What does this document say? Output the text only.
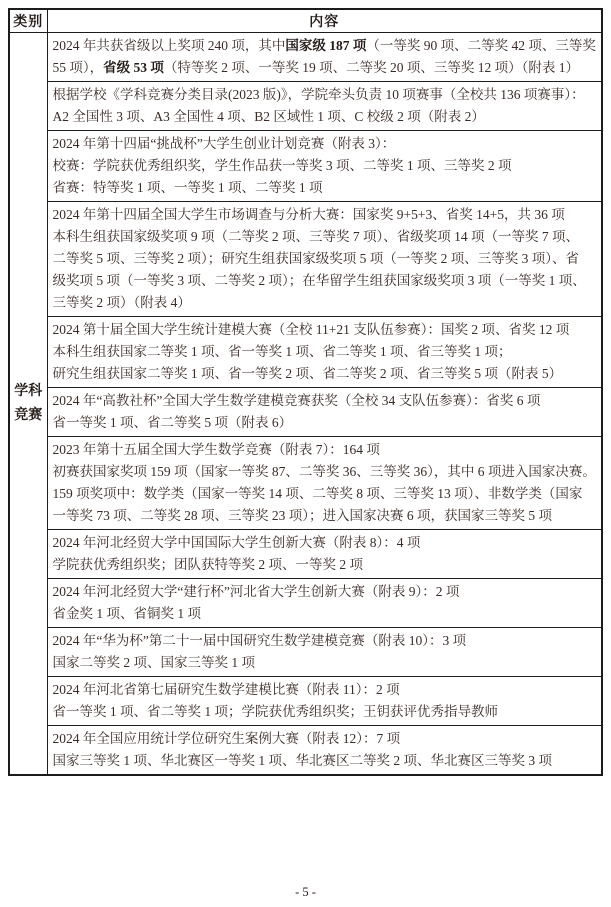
类别	内容

学科
竞赛

2024 年共获省级以上奖项 240 项，其中国家级 187 项（一等奖 90 项、二等奖 42 项、三等奖
55 项），省级 53 项（特等奖 2 项、一等奖 19 项、二等奖 20 项、三等奖 12 项）（附表 1）

	根据学校《学科竞赛分类目录(2023 版)》，学院牵头负责 10 项赛事（全校共 136 项赛事）：
A2 全国性 3 项、A3 全国性 4 项、B2 区域性 1 项、C 校级 2 项（附表 2）

	2024 年第十四届“挑战杯”大学生创业计划竞赛（附表 3）：
校赛：学院获优秀组织奖，学生作品获一等奖 3 项、二等奖 1 项、三等奖 2 项
省赛：特等奖 1 项、一等奖 1 项、二等奖 1 项

	2024 年第十四届全国大学生市场调查与分析大赛：国家奖 9+5+3、省奖 14+5，共 36 项
本科生组获国家级奖项 9 项（二等奖 2 项、三等奖 7 项）、省级奖项 14 项（一等奖 7 项、
二等奖 5 项、三等奖 2 项）；研究生组获国家级奖项 5 项（一等奖 2 项、三等奖 3 项）、省
级奖项 5 项（一等奖 3 项、二等奖 2 项）；在华留学生组获国家级奖项 3 项（一等奖 1 项、
三等奖 2 项）（附表 4）

	2024 第十届全国大学生统计建模大赛（全校 11+21 支队伍参赛）：国奖 2 项、省奖 12 项
本科生组获国家二等奖 1 项、省一等奖 1 项、省二等奖 1 项、省三等奖 1 项；
研究生组获国家二等奖 1 项、省一等奖 2 项、省二等奖 2 项、省三等奖 5 项（附表 5）

	2024 年“高教社杯”全国大学生数学建模竞赛获奖（全校 34 支队伍参赛）：省奖 6 项
省一等奖 1 项、省二等奖 5 项（附表 6）

	2023 年第十五届全国大学生数学竞赛（附表 7）：164 项
初赛获国家奖项 159 项（国家一等奖 87、二等奖 36、三等奖 36），其中 6 项进入国家决赛。
159 项奖项中：数学类（国家一等奖 14 项、二等奖 8 项、三等奖 13 项）、非数学类（国家
一等奖 73 项、二等奖 28 项、三等奖 23 项）；进入国家决赛 6 项，获国家三等奖 5 项

	2024 年河北经贸大学中国国际大学生创新大赛（附表 8）：4 项
学院获优秀组织奖；团队获特等奖 2 项、一等奖 2 项

	2024 年河北经贸大学“建行杯”河北省大学生创新大赛（附表 9）：2 项
省金奖 1 项、省铜奖 1 项

	2024 年“华为杯”第二十一届中国研究生数学建模竞赛（附表 10）：3 项
国家二等奖 2 项、国家三等奖 1 项

	2024 年河北省第七届研究生数学建模比赛（附表 11）：2 项
省一等奖 1 项、省二等奖 1 项；学院获优秀组织奖；王钥获评优秀指导教师

	2024 年全国应用统计学位研究生案例大赛（附表 12）：7 项
国家三等奖 1 项、华北赛区一等奖 1 项、华北赛区二等奖 2 项、华北赛区三等奖 3 项
- 5 -
